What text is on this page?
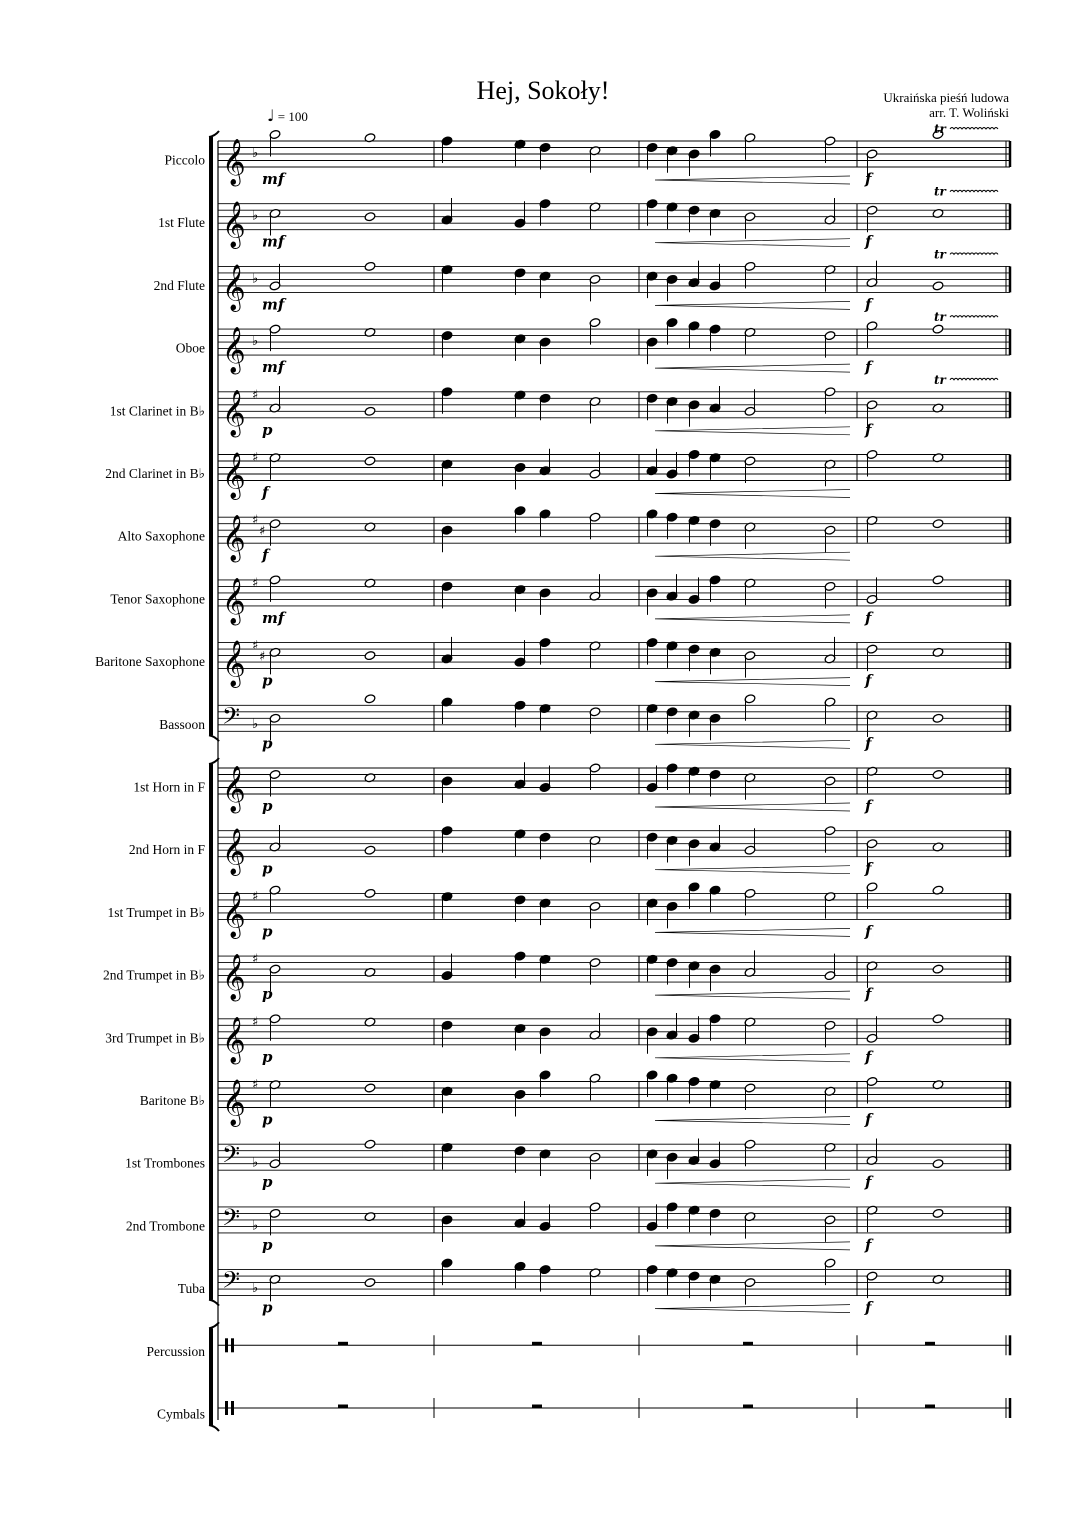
Hej, Sokoły!	Ukraińska pieśń ludowa
arr. T. Woliński
♩ = 100
Piccolo 𝄞 ♭
mf	f
tr
1st Flute 𝄞 ♭
mf	f
tr
2nd Flute 𝄞 ♭
mf	f
tr
Oboe 𝄞 ♭
mf	f
tr
1st Clarinet in B♭ 𝄞 ♯
p	f
tr
2nd Clarinet in B♭ 𝄞 ♯
f
Alto Saxophone 𝄞 ♯
♯
f
Tenor Saxophone 𝄞 ♯
mf	f
Baritone Saxophone 𝄞 ♯
♯
p	f
Bassoon 𝄢 ♭
p	f
1st Horn in F 𝄞 p	f
2nd Horn in F 𝄞 p	f
1st Trumpet in B♭ 𝄞 ♯
p	f
2nd Trumpet in B♭ 𝄞 ♯
p	f
3rd Trumpet in B♭ 𝄞 ♯
p	f
Baritone B♭ 𝄞 ♯
p	f
1st Trombones 𝄢 ♭
p	f
2nd Trombone 𝄢 ♭
p	f
Tuba 𝄢 ♭
p	f
Percussion
Cymbals
